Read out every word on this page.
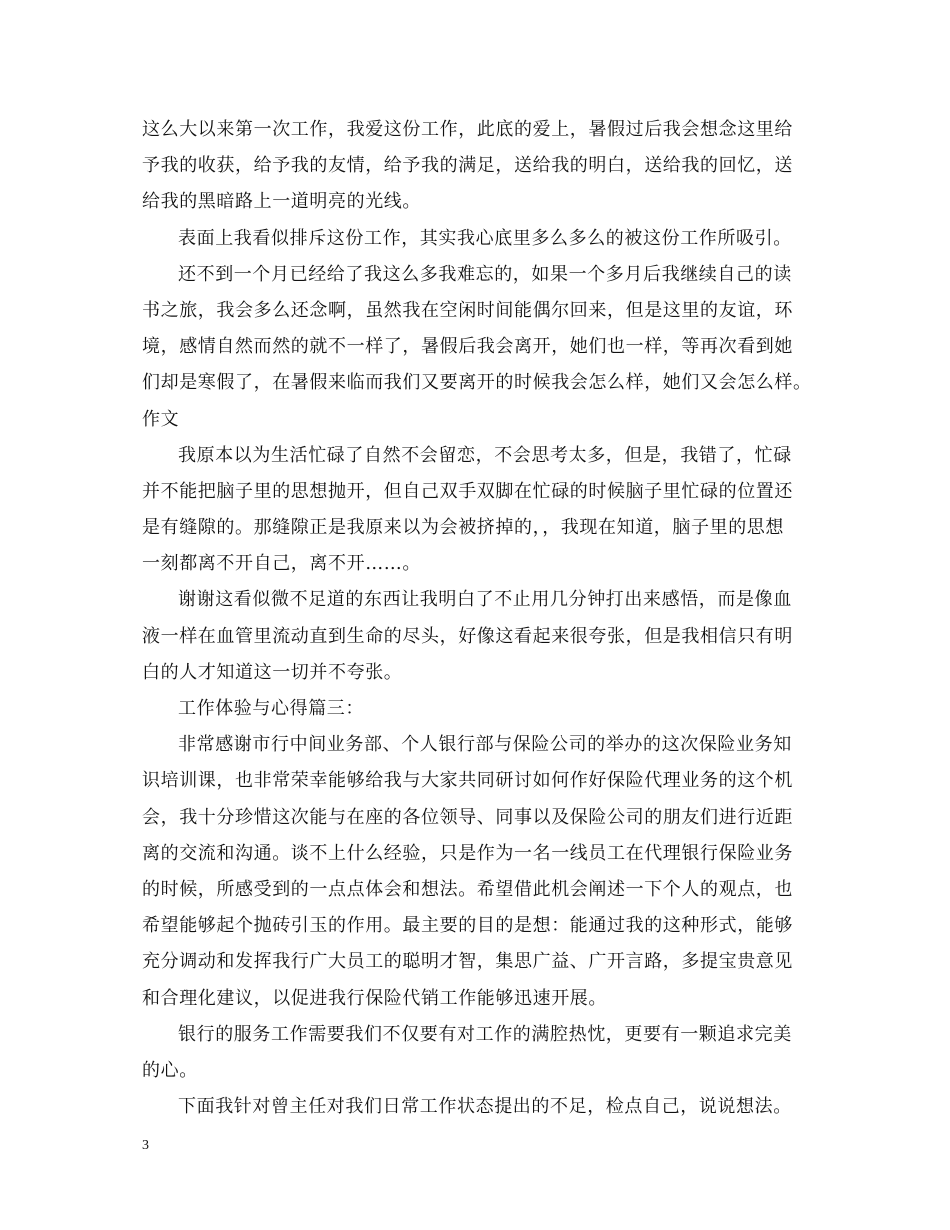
这么大以来第一次工作，我爱这份工作，此底的爱上，暑假过后我会想念这里给
予我的收获，给予我的友情，给予我的满足，送给我的明白，送给我的回忆，送
给我的黑暗路上一道明亮的光线。
表面上我看似排斥这份工作，其实我心底里多么多么的被这份工作所吸引。
还不到一个月已经给了我这么多我难忘的，如果一个多月后我继续自己的读
书之旅，我会多么还念啊，虽然我在空闲时间能偶尔回来，但是这里的友谊，环
境，感情自然而然的就不一样了，暑假后我会离开，她们也一样，等再次看到她
们却是寒假了，在暑假来临而我们又要离开的时候我会怎么样，她们又会怎么样。
作文
我原本以为生活忙碌了自然不会留恋，不会思考太多，但是，我错了，忙碌
并不能把脑子里的思想抛开，但自己双手双脚在忙碌的时候脑子里忙碌的位置还
是有缝隙的。那缝隙正是我原来以为会被挤掉的，，我现在知道，脑子里的思想
一刻都离不开自己，离不开……。
谢谢这看似微不足道的东西让我明白了不止用几分钟打出来感悟，而是像血
液一样在血管里流动直到生命的尽头，好像这看起来很夸张，但是我相信只有明
白的人才知道这一切并不夸张。
工作体验与心得篇三：
非常感谢市行中间业务部、个人银行部与保险公司的举办的这次保险业务知
识培训课，也非常荣幸能够给我与大家共同研讨如何作好保险代理业务的这个机
会，我十分珍惜这次能与在座的各位领导、同事以及保险公司的朋友们进行近距
离的交流和沟通。谈不上什么经验，只是作为一名一线员工在代理银行保险业务
的时候，所感受到的一点点体会和想法。希望借此机会阐述一下个人的观点，也
希望能够起个抛砖引玉的作用。最主要的目的是想：能通过我的这种形式，能够
充分调动和发挥我行广大员工的聪明才智，集思广益、广开言路，多提宝贵意见
和合理化建议，以促进我行保险代销工作能够迅速开展。
银行的服务工作需要我们不仅要有对工作的满腔热忱，更要有一颗追求完美
的心。
下面我针对曾主任对我们日常工作状态提出的不足，检点自己，说说想法。
3
